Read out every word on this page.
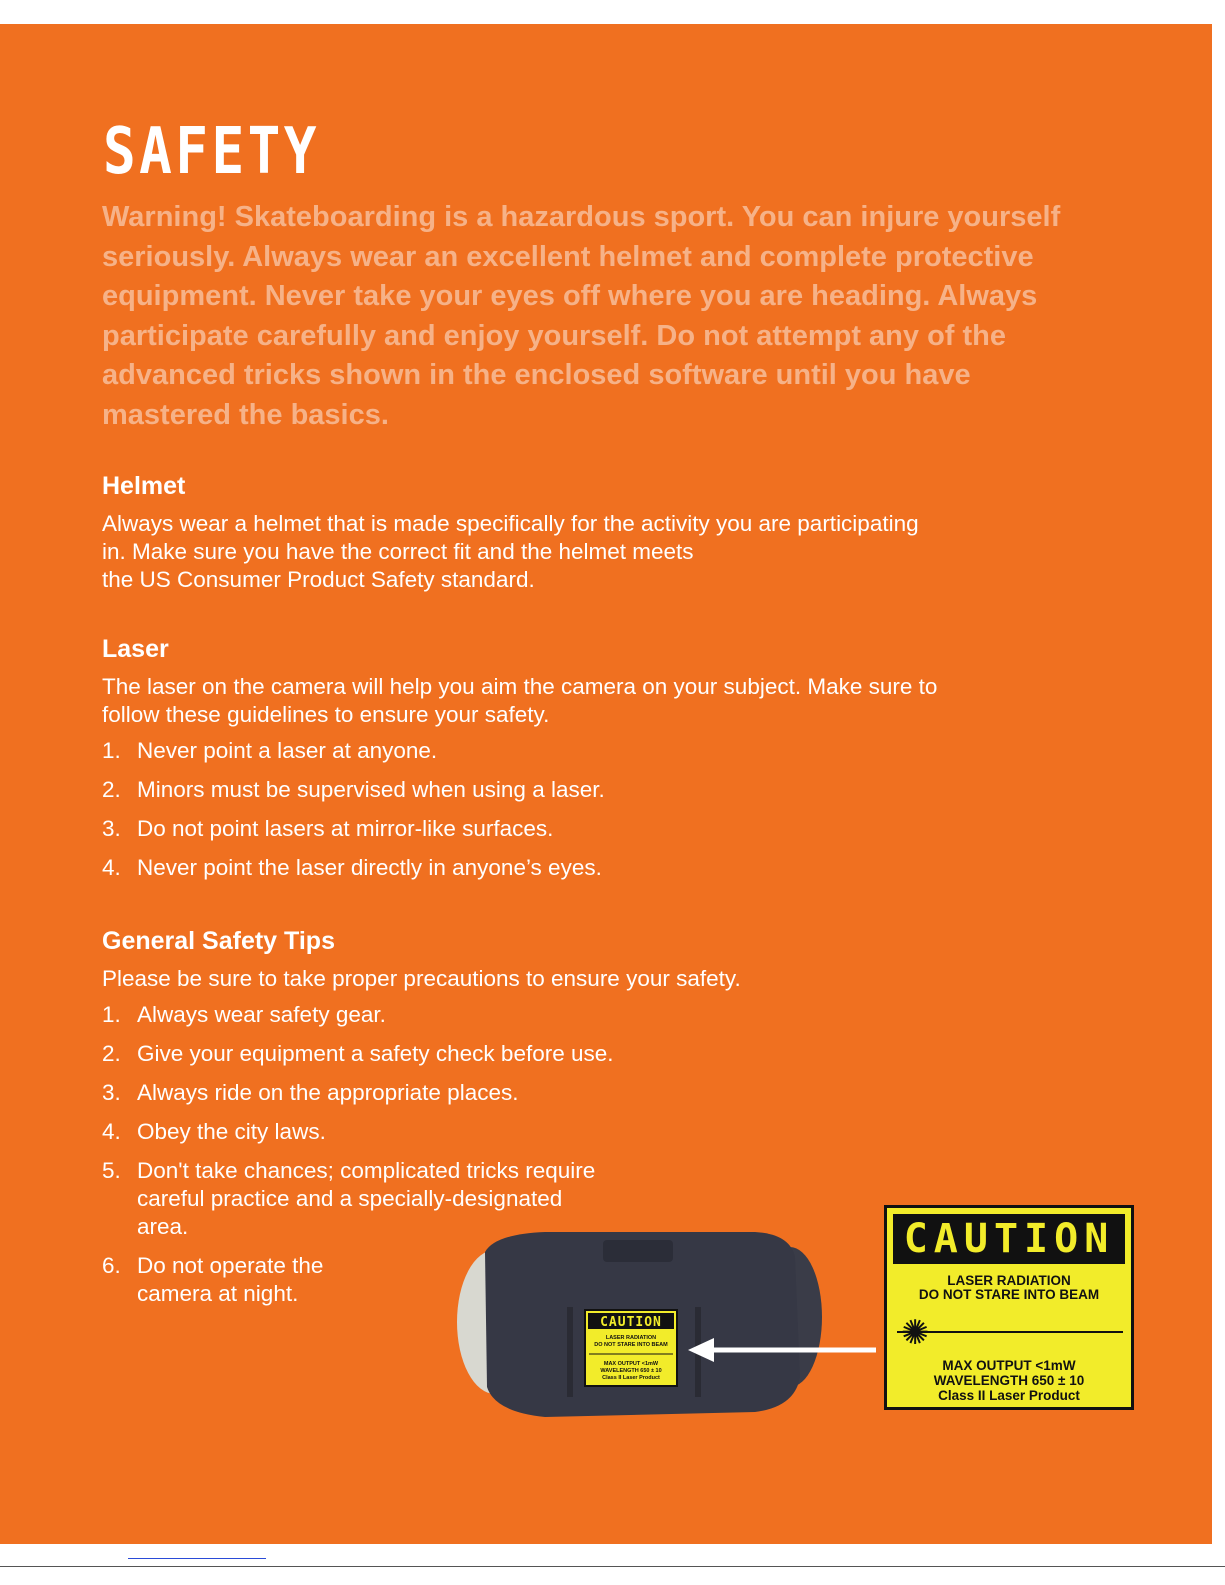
SAFETY

Warning! Skateboarding is a hazardous sport. You can injure yourself seriously. Always wear an excellent helmet and complete protective equipment. Never take your eyes off where you are heading. Always participate carefully and enjoy yourself. Do not attempt any of the advanced tricks shown in the enclosed software until you have mastered the basics.

Helmet

Always wear a helmet that is made specifically for the activity you are participating
in. Make sure you have the correct fit and the helmet meets
the US Consumer Product Safety standard.

Laser

The laser on the camera will help you aim the camera on your subject. Make sure to
follow these guidelines to ensure your safety.

1. Never point a laser at anyone.
2. Minors must be supervised when using a laser.
3. Do not point lasers at mirror-like surfaces.
4. Never point the laser directly in anyone’s eyes.
General Safety Tips

Please be sure to take proper precautions to ensure your safety.

1. Always wear safety gear.
2. Give your equipment a safety check before use.
3. Always ride on the appropriate places.
4. Obey the city laws.
5. Don't take chances; complicated tricks require careful practice and a specially-designated area.
6. Do not operate the camera at night.
CAUTION
LASER RADIATION
DO NOT STARE INTO BEAM
MAX OUTPUT <1mW
WAVELENGTH 650 ± 10
Class II Laser Product
CAUTION
LASER RADIATION
DO NOT STARE INTO BEAM
✺
MAX OUTPUT <1mW
WAVELENGTH 650 ± 10
Class II Laser Product
